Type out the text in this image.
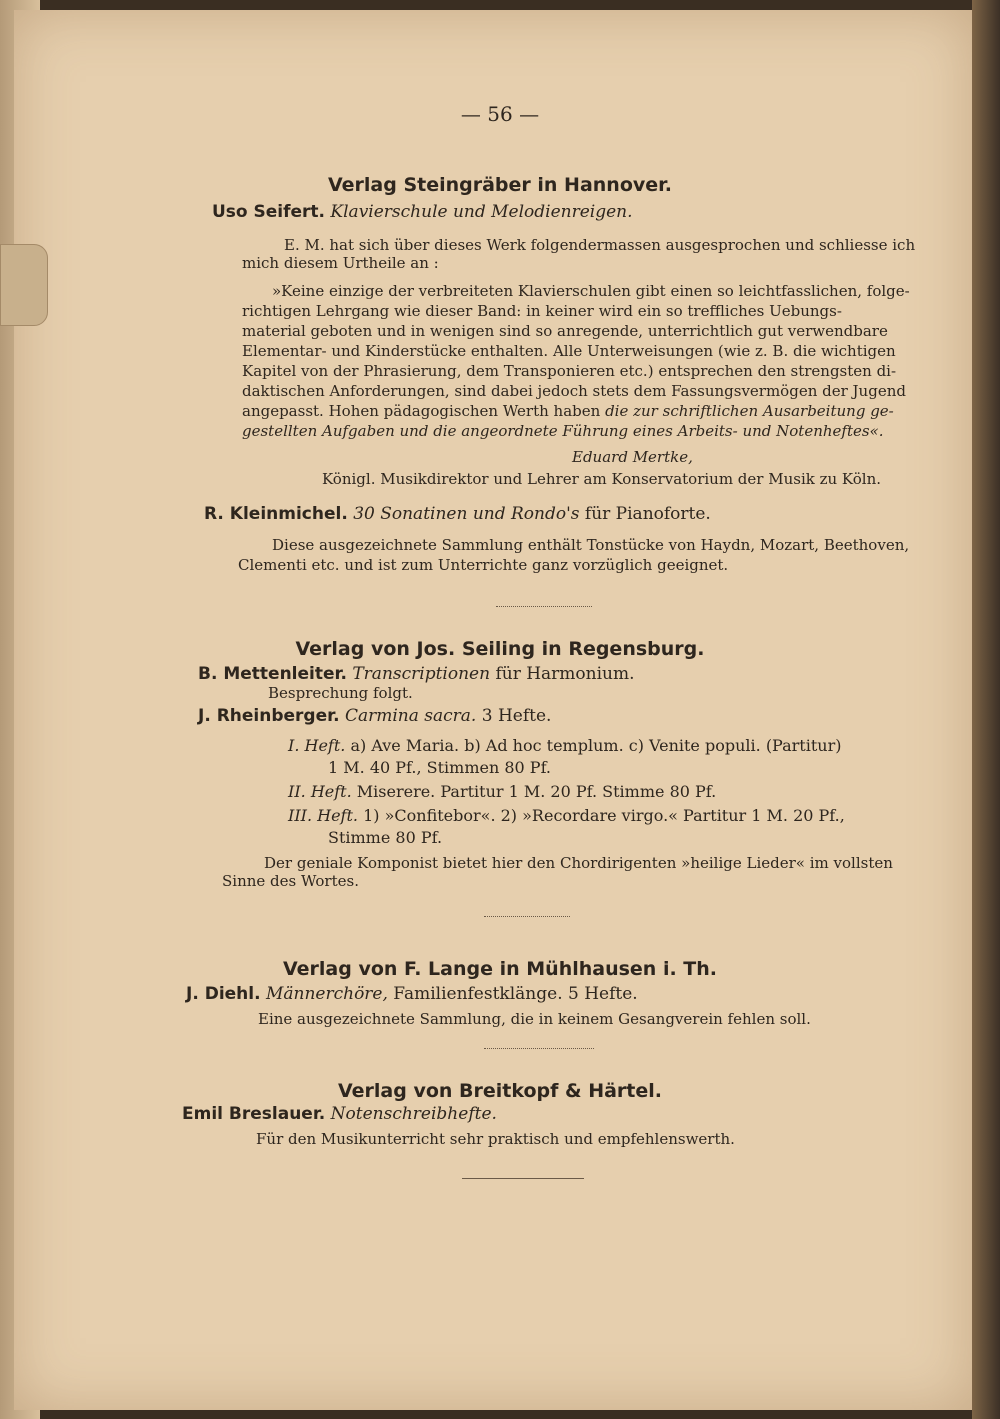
— 56 —
Verlag Steingräber in Hannover.
Uso Seifert. Klavierschule und Melodienreigen.
E. M. hat sich über dieses Werk folgendermassen ausgesprochen und schliesse ich
mich diesem Urtheile an :
»Keine einzige der verbreiteten Klavierschulen gibt einen so leichtfasslichen, folge-
richtigen Lehrgang wie dieser Band: in keiner wird ein so treffliches Uebungs-
material geboten und in wenigen sind so anregende, unterrichtlich gut verwendbare
Elementar- und Kinderstücke enthalten. Alle Unterweisungen (wie z. B. die wichtigen
Kapitel von der Phrasierung, dem Transponieren etc.) entsprechen den strengsten di-
daktischen Anforderungen, sind dabei jedoch stets dem Fassungsvermögen der Jugend
angepasst. Hohen pädagogischen Werth haben die zur schriftlichen Ausarbeitung ge-
gestellten Aufgaben und die angeordnete Führung eines Arbeits- und Notenheftes«.
Eduard Mertke,
Königl. Musikdirektor und Lehrer am Konservatorium der Musik zu Köln.
R. Kleinmichel. 30 Sonatinen und Rondo's für Pianoforte.
Diese ausgezeichnete Sammlung enthält Tonstücke von Haydn, Mozart, Beethoven,
Clementi etc. und ist zum Unterrichte ganz vorzüglich geeignet.
Verlag von Jos. Seiling in Regensburg.
B. Mettenleiter. Transcriptionen für Harmonium.
Besprechung folgt.
J. Rheinberger. Carmina sacra. 3 Hefte.
I. Heft. a) Ave Maria. b) Ad hoc templum. c) Venite populi. (Partitur)
1 M. 40 Pf., Stimmen 80 Pf.
II. Heft. Miserere. Partitur 1 M. 20 Pf. Stimme 80 Pf.
III. Heft. 1) »Confitebor«. 2) »Recordare virgo.« Partitur 1 M. 20 Pf.,
Stimme 80 Pf.
Der geniale Komponist bietet hier den Chordirigenten »heilige Lieder« im vollsten
Sinne des Wortes.
Verlag von F. Lange in Mühlhausen i. Th.
J. Diehl. Männerchöre, Familienfestklänge. 5 Hefte.
Eine ausgezeichnete Sammlung, die in keinem Gesangverein fehlen soll.
Verlag von Breitkopf & Härtel.
Emil Breslauer. Notenschreibhefte.
Für den Musikunterricht sehr praktisch und empfehlenswerth.
